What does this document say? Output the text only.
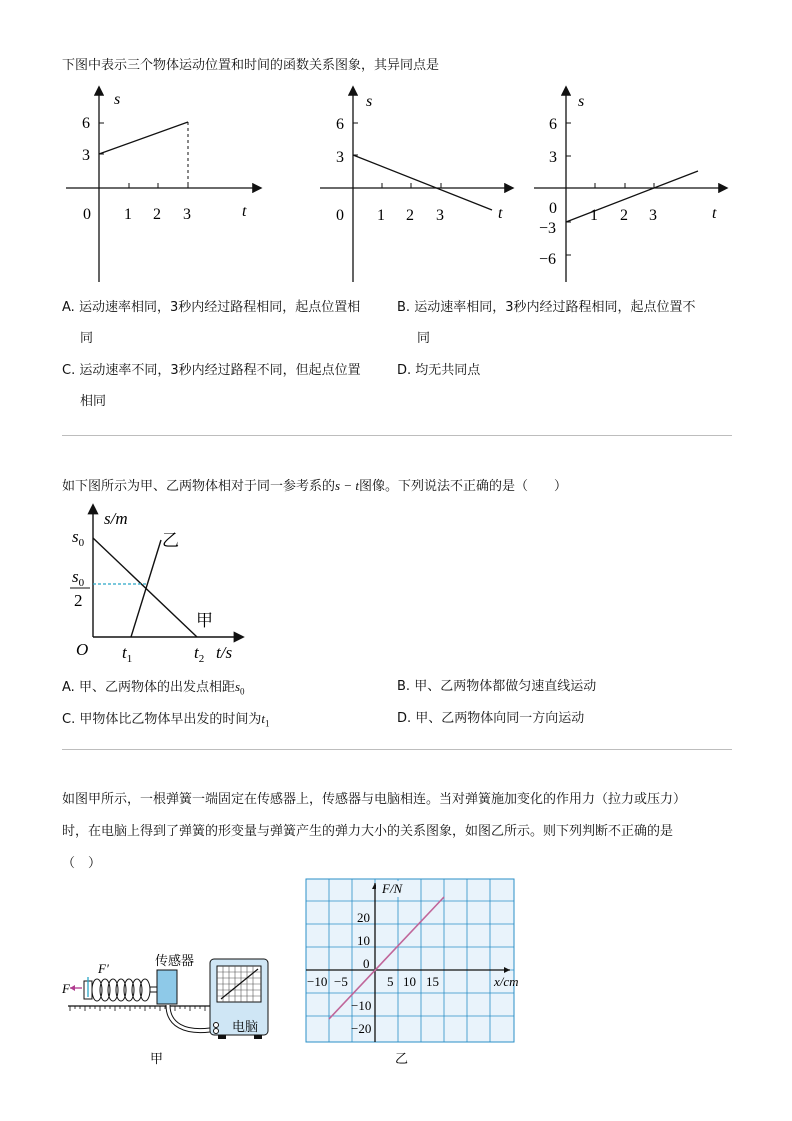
下图中表示三个物体运动位置和时间的函数关系图象，其异同点是
s
t
6
3
0 1 2 3
s
t
6
3
0 1 2 3
s
t
6
3
−3
−6
0 1 2 3
A. 运动速率相同，3秒内经过路程相同，起点位置相
同
B. 运动速率相同，3秒内经过路程相同，起点位置不
同
C. 运动速率不同，3秒内经过路程不同，但起点位置
相同
D. 均无共同点
如下图所示为甲、乙两物体相对于同一参考系的s − t图像。下列说法不正确的是（　　）
s/m
$s_0$
$s_0$
2
O $t_1$	$t_2$ t/s
乙
甲
A. 甲、乙两物体的出发点相距$s_0$	B. 甲、乙两物体都做匀速直线运动
C. 甲物体比乙物体早出发的时间为$t_1$	D. 甲、乙两物体向同一方向运动
如图甲所示，一根弹簧一端固定在传感器上，传感器与电脑相连。当对弹簧施加变化的作用力（拉力或压力）
时，在电脑上得到了弹簧的形变量与弹簧产生的弹力大小的关系图象，如图乙所示。则下列判断不正确的是
（　）
F
F′	传感器
电脑
甲
F/N
x/cm
0
−10 −5	5 10 15
20
10
−10
−20
乙
